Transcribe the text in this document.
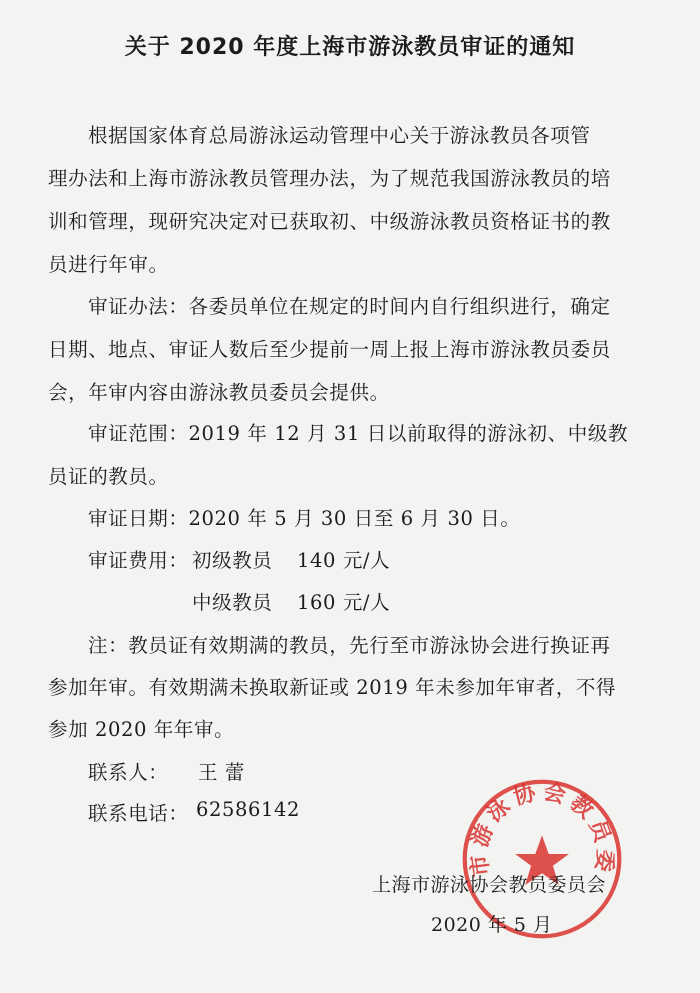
关于 2020 年度上海市游泳教员审证的通知
根据国家体育总局游泳运动管理中心关于游泳教员各项管
理办法和上海市游泳教员管理办法，为了规范我国游泳教员的培
训和管理，现研究决定对已获取初、中级游泳教员资格证书的教
员进行年审。
审证办法：各委员单位在规定的时间内自行组织进行，确定
日期、地点、审证人数后至少提前一周上报上海市游泳教员委员
会，年审内容由游泳教员委员会提供。
审证范围：2019 年 12 月 31 日以前取得的游泳初、中级教
员证的教员。
审证日期：2020 年 5 月 30 日至 6 月 30 日。
审证费用： 初级教员 140 元/人
中级教员 160 元/人
注：教员证有效期满的教员，先行至市游泳协会进行换证再
参加年审。有效期满未换取新证或 2019 年未参加年审者，不得
参加 2020 年年审。
联系人： 王 蕾
联系电话： 62586142
市游泳协会教员委
上海市游泳协会教员委员会
2020 年 5 月
